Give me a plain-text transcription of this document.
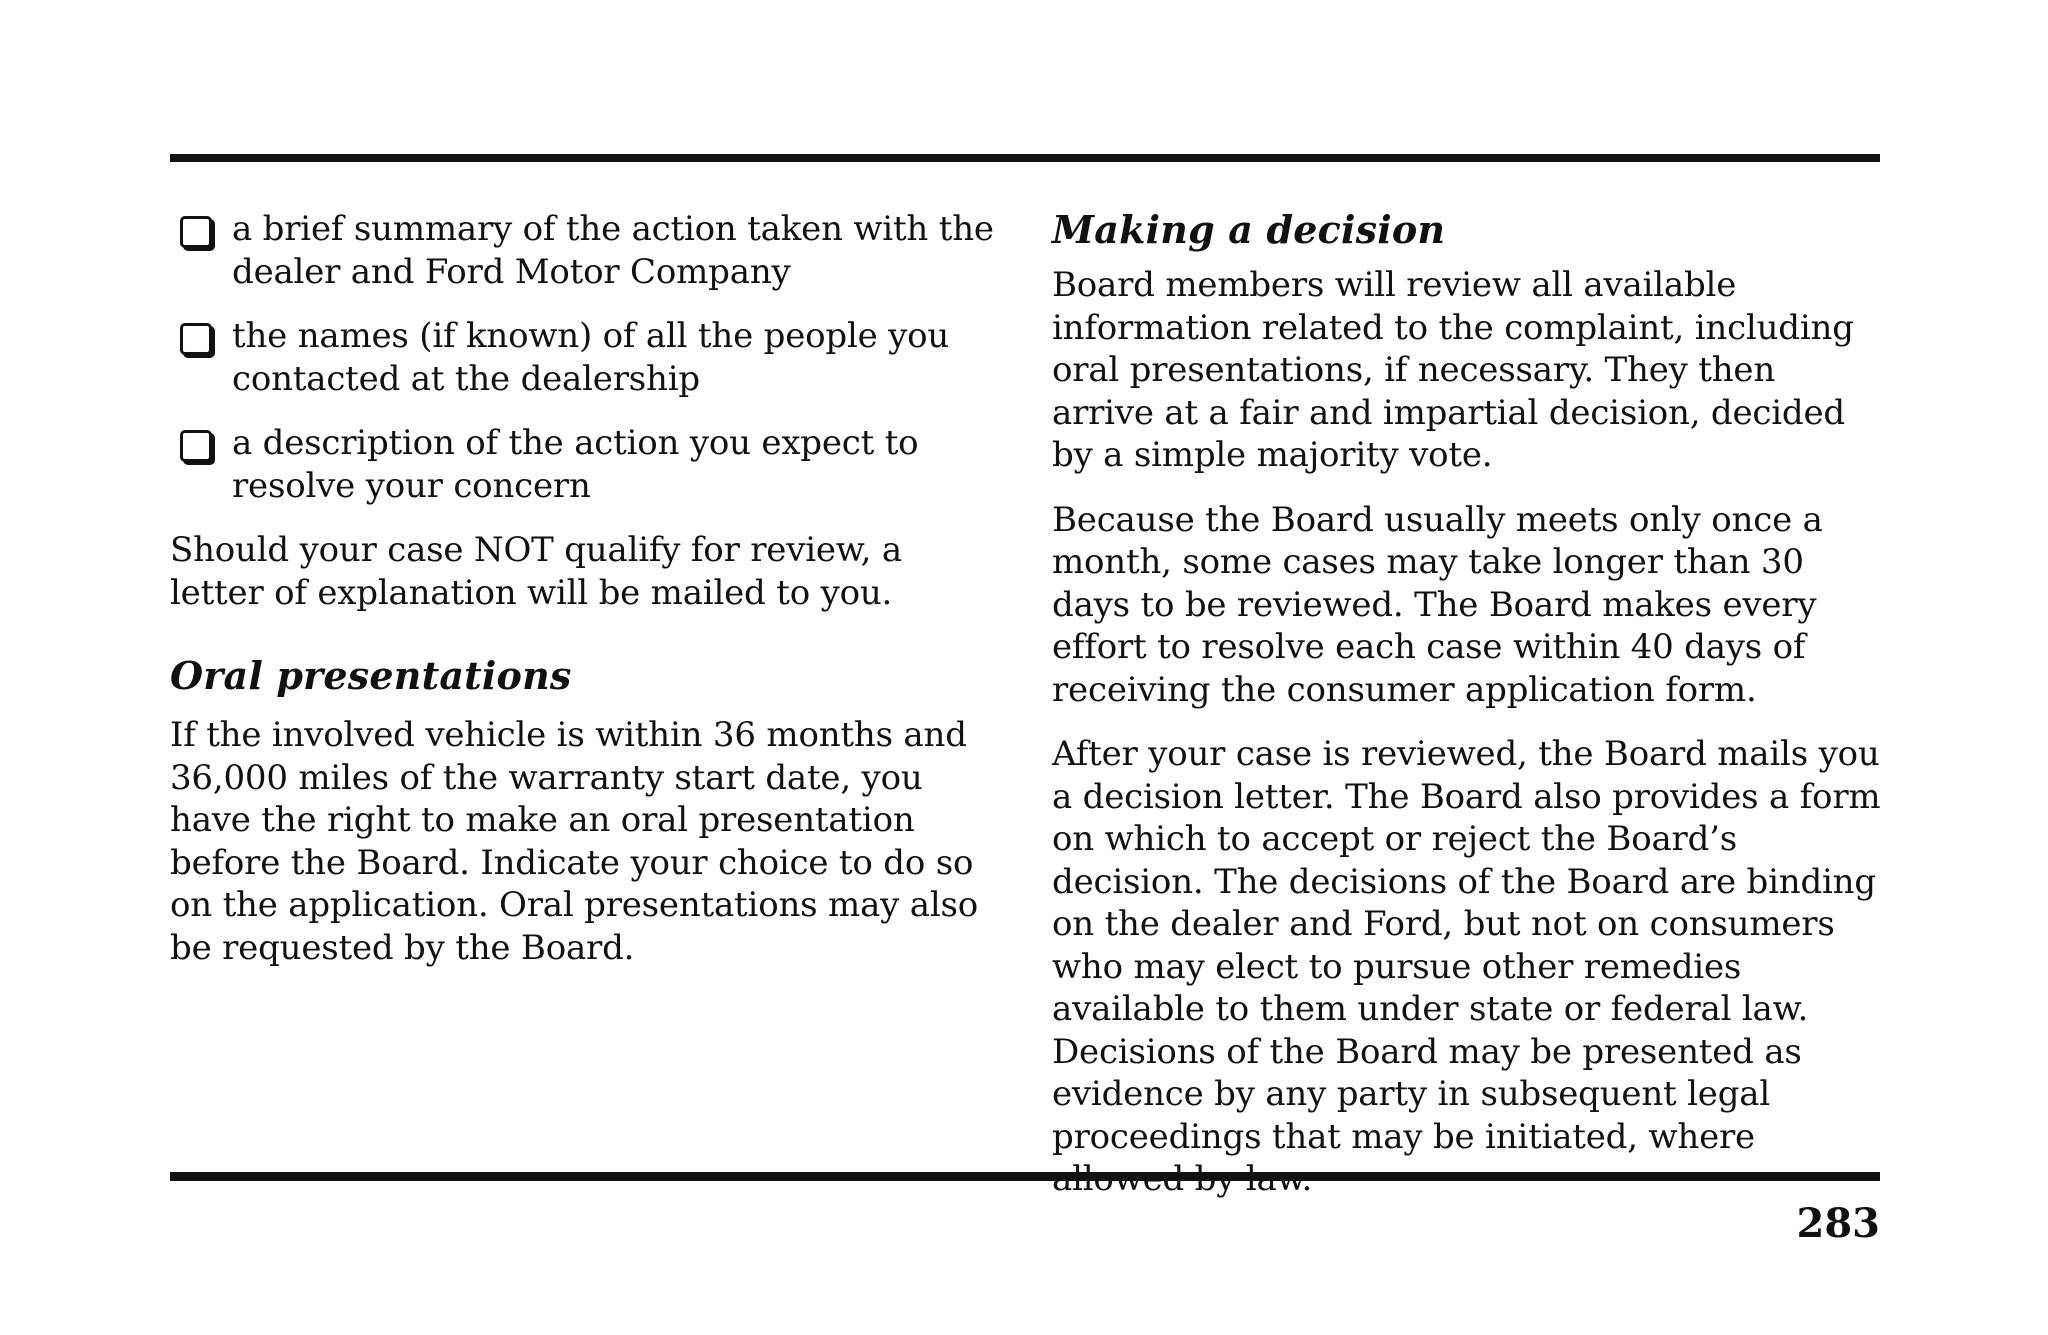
a brief summary of the action taken with the dealer and Ford Motor Company
the names (if known) of all the people you contacted at the dealership
a description of the action you expect to resolve your concern

Should your case NOT qualify for review, a letter of explanation will be mailed to you.

Oral presentations

If the involved vehicle is within 36 months and 36,000 miles of the warranty start date, you have the right to make an oral presentation before the Board. Indicate your choice to do so on the application. Oral presentations may also be requested by the Board.

Making a decision

Board members will review all available information related to the complaint, including oral presentations, if necessary. They then arrive at a fair and impartial decision, decided by a simple majority vote.

Because the Board usually meets only once a month, some cases may take longer than 30 days to be reviewed. The Board makes every effort to resolve each case within 40 days of receiving the consumer application form.

After your case is reviewed, the Board mails you a decision letter. The Board also provides a form on which to accept or reject the Board’s decision. The decisions of the Board are binding on the dealer and Ford, but not on consumers who may elect to pursue other remedies available to them under state or federal law. Decisions of the Board may be presented as evidence by any party in subsequent legal proceedings that may be initiated, where

283
